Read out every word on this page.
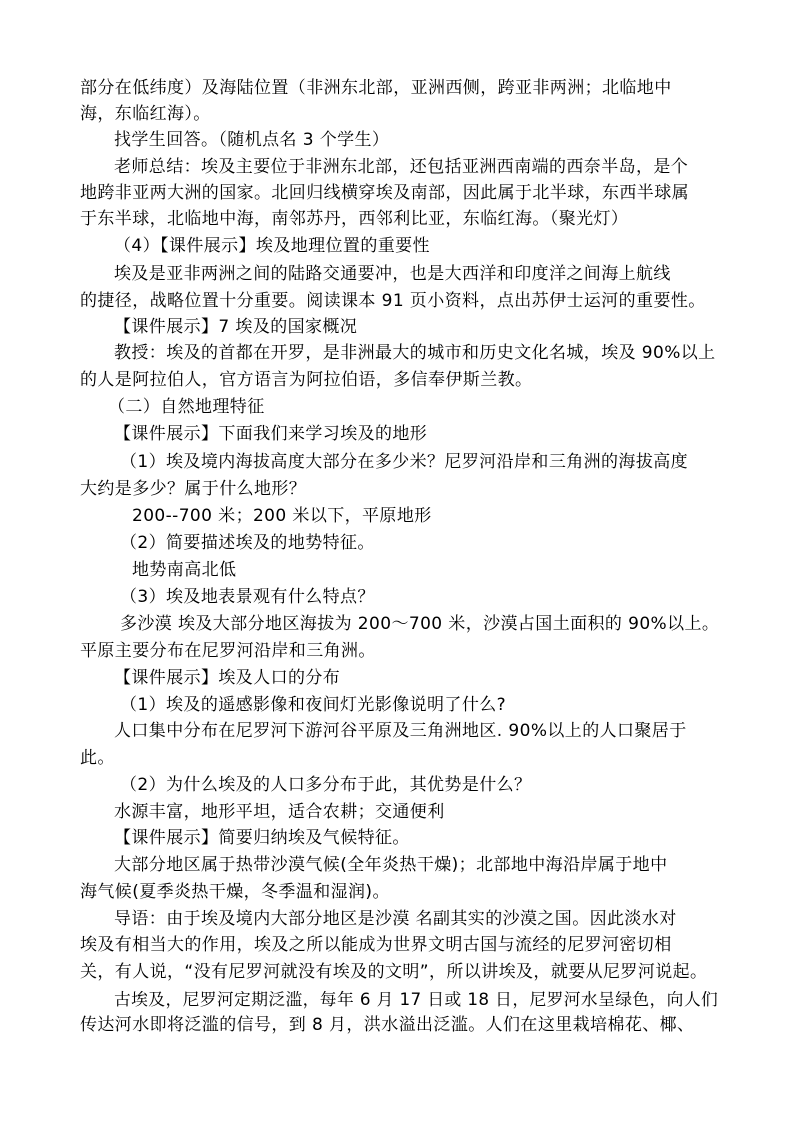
部分在低纬度）及海陆位置（非洲东北部，亚洲西侧，跨亚非两洲；北临地中
海，东临红海）。
找学生回答。（随机点名 3 个学生）
老师总结：埃及主要位于非洲东北部，还包括亚洲西南端的西奈半岛，是个
地跨非亚两大洲的国家。北回归线横穿埃及南部，因此属于北半球，东西半球属
于东半球，北临地中海，南邻苏丹，西邻利比亚，东临红海。（聚光灯）
（4）【课件展示】埃及地理位置的重要性
埃及是亚非两洲之间的陆路交通要冲，也是大西洋和印度洋之间海上航线
的捷径，战略位置十分重要。阅读课本 91 页小资料，点出苏伊士运河的重要性。
【课件展示】7 埃及的国家概况
教授：埃及的首都在开罗，是非洲最大的城市和历史文化名城，埃及 90%以上
的人是阿拉伯人，官方语言为阿拉伯语，多信奉伊斯兰教。
（二）自然地理特征
【课件展示】下面我们来学习埃及的地形
（1）埃及境内海拔高度大部分在多少米？尼罗河沿岸和三角洲的海拔高度
大约是多少？属于什么地形？
200--700 米；200 米以下，平原地形
（2）简要描述埃及的地势特征。
地势南高北低
（3）埃及地表景观有什么特点？
多沙漠 埃及大部分地区海拔为 200～700 米，沙漠占国土面积的 90%以上。
平原主要分布在尼罗河沿岸和三角洲。
【课件展示】埃及人口的分布
（1）埃及的遥感影像和夜间灯光影像说明了什么?
人口集中分布在尼罗河下游河谷平原及三角洲地区. 90%以上的人口聚居于
此。
（2）为什么埃及的人口多分布于此，其优势是什么？
水源丰富，地形平坦，适合农耕；交通便利
【课件展示】简要归纳埃及气候特征。
大部分地区属于热带沙漠气候(全年炎热干燥)；北部地中海沿岸属于地中
海气候(夏季炎热干燥，冬季温和湿润)。
导语：由于埃及境内大部分地区是沙漠 名副其实的沙漠之国。因此淡水对
埃及有相当大的作用，埃及之所以能成为世界文明古国与流经的尼罗河密切相
关，有人说，“没有尼罗河就没有埃及的文明”，所以讲埃及，就要从尼罗河说起。
古埃及，尼罗河定期泛滥，每年 6 月 17 日或 18 日，尼罗河水呈绿色，向人们
传达河水即将泛滥的信号，到 8 月，洪水溢出泛滥。人们在这里栽培棉花、椰、
